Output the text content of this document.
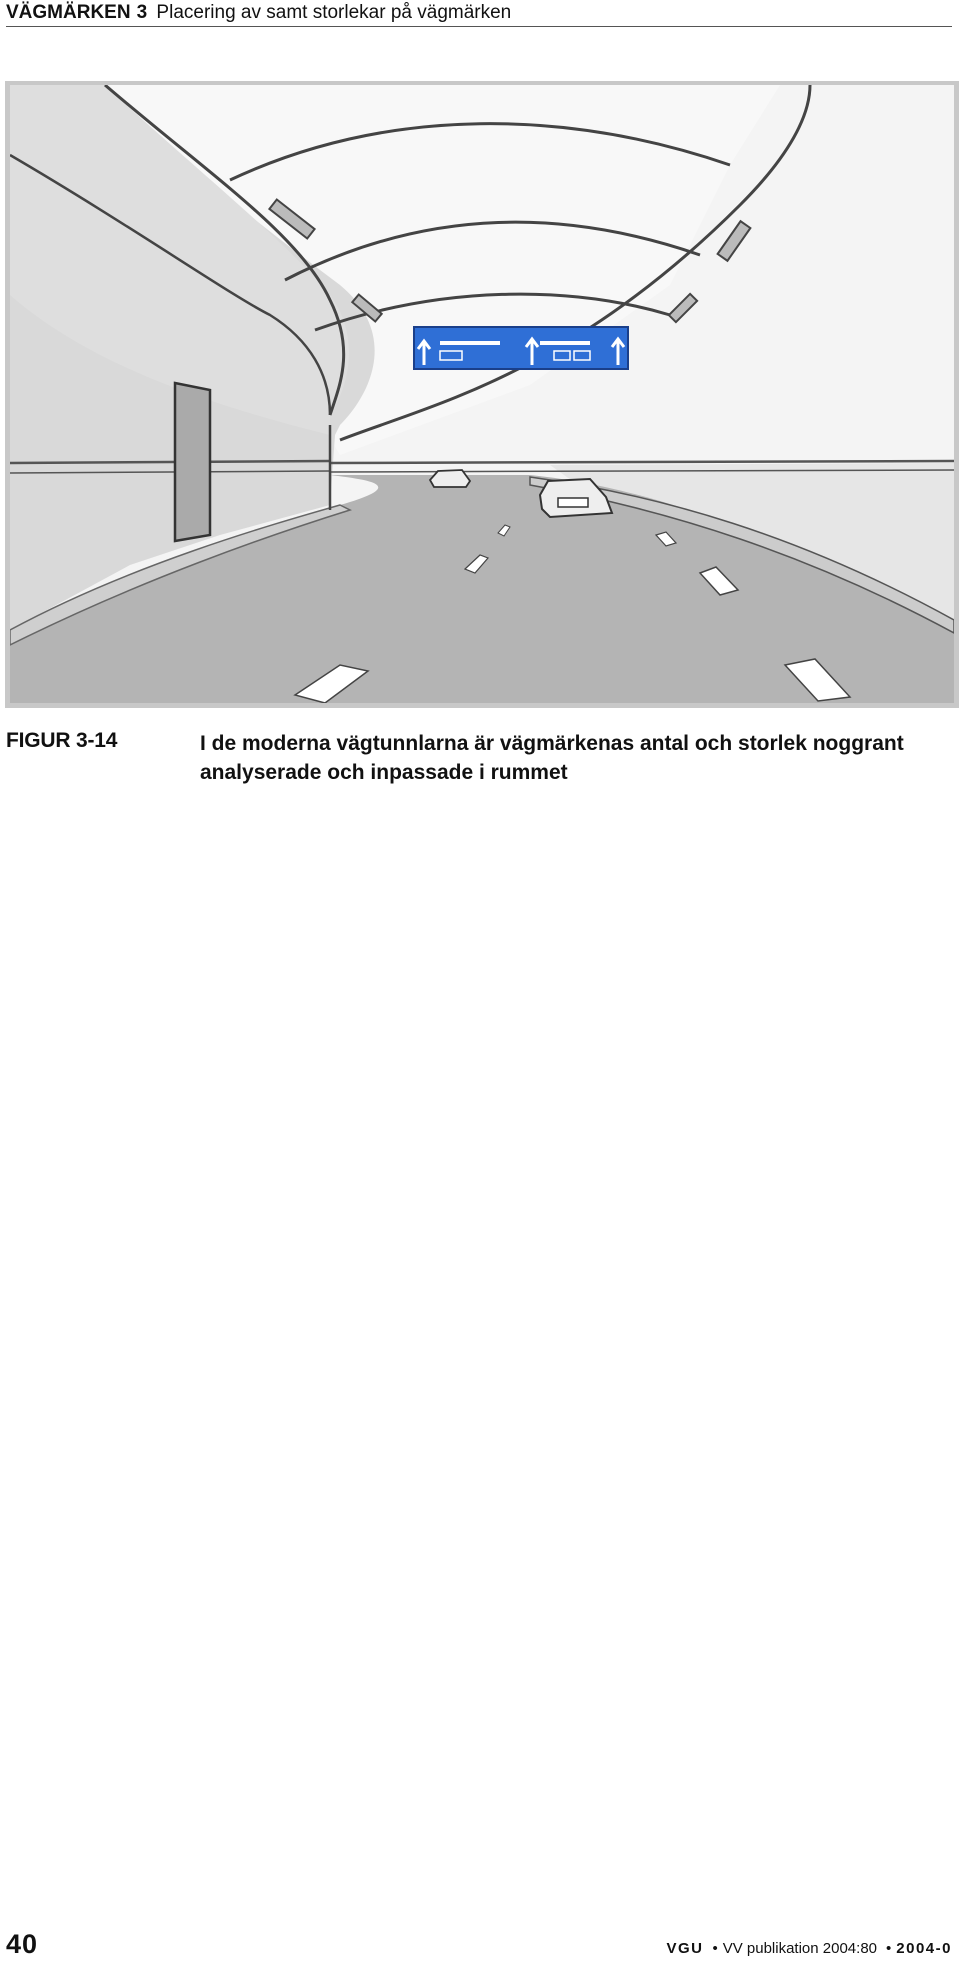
VÄGMÄRKEN 3 Placering av samt storlekar på vägmärken
FIGUR 3-14	I de moderna vägtunnlarna är vägmärkenas antal och storlek noggrant analyserade och inpassade i rummet
40	VGU • VV publikation 2004:80 • 2004-0
